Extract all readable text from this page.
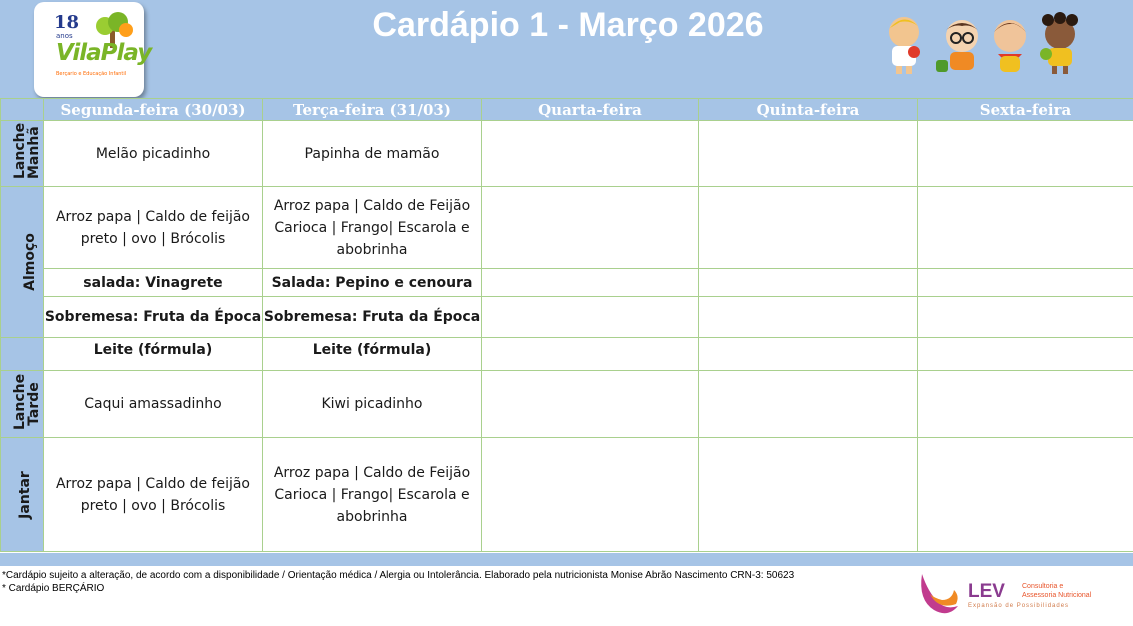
18
anos
VilaPlay
Berçario e Educação Infantil
Cardápio 1 - Março 2026
	Segunda-feira (30/03)	Terça-feira (31/03)	Quarta-feira	Quinta-feira	Sexta-feira
Lanche Manhã	Melão picadinho	Papinha de mamão			
Almoço	Arroz papa | Caldo de feijão preto | ovo | Brócolis	Arroz papa | Caldo de Feijão Carioca | Frango| Escarola e abobrinha			
	salada: Vinagrete	Salada: Pepino e cenoura			
	Sobremesa: Fruta da Época	Sobremesa: Fruta da Época			
	Leite (fórmula)	Leite (fórmula)			
Lanche Tarde	Caqui amassadinho	Kiwi picadinho			
Jantar	Arroz papa | Caldo de feijão preto | ovo | Brócolis	Arroz papa | Caldo de Feijão Carioca | Frango| Escarola e abobrinha			
*Cardápio sujeito a alteração, de acordo com a disponibilidade / Orientação médica / Alergia ou Intolerância. Elaborado pela nutricionista Monise Abrão Nascimento CRN-3: 50623
* Cardápio BERÇÁRIO	LEV Consultoria e
Assessoria Nutricional
Expansão de Possibilidades
